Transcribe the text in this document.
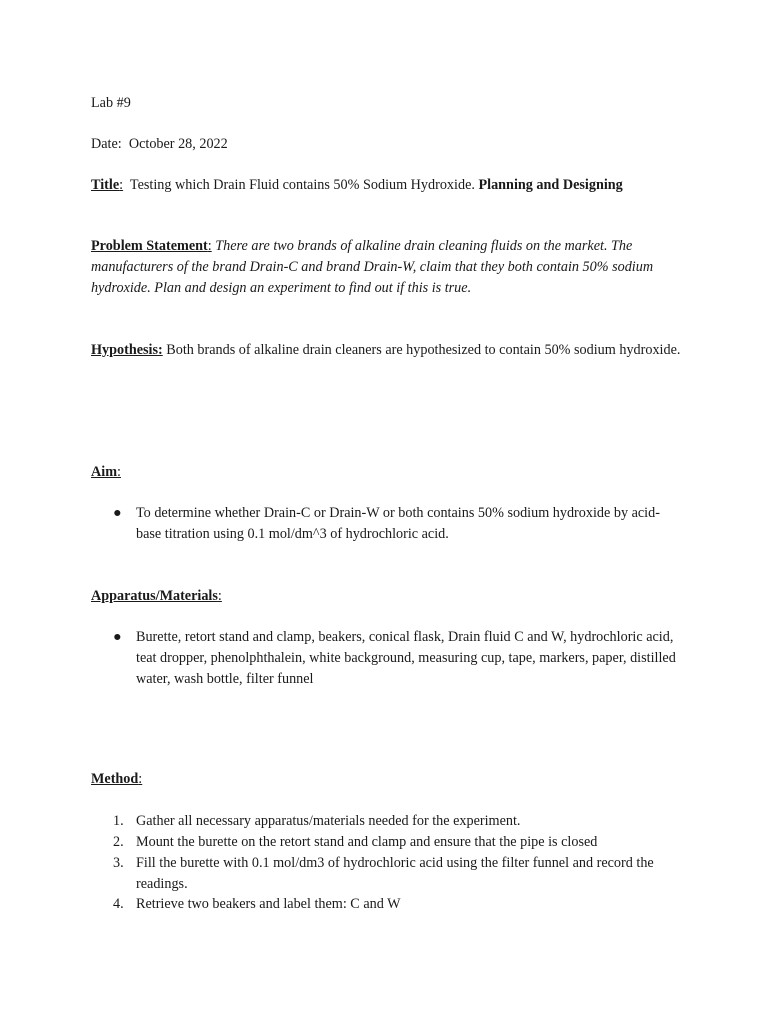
Lab #9
Date: October 28, 2022
Title: Testing which Drain Fluid contains 50% Sodium Hydroxide. Planning and Designing
Problem Statement: There are two brands of alkaline drain cleaning fluids on the market. The manufacturers of the brand Drain-C and brand Drain-W, claim that they both contain 50% sodium hydroxide. Plan and design an experiment to find out if this is true.
Hypothesis: Both brands of alkaline drain cleaners are hypothesized to contain 50% sodium hydroxide.
Aim:
● To determine whether Drain-C or Drain-W or both contains 50% sodium hydroxide by acid-base titration using 0.1 mol/dm^3 of hydrochloric acid.
Apparatus/Materials:
● Burette, retort stand and clamp, beakers, conical flask, Drain fluid C and W, hydrochloric acid, teat dropper, phenolphthalein, white background, measuring cup, tape, markers, paper, distilled water, wash bottle, filter funnel
Method:
1. Gather all necessary apparatus/materials needed for the experiment.
2. Mount the burette on the retort stand and clamp and ensure that the pipe is closed
3. Fill the burette with 0.1 mol/dm3 of hydrochloric acid using the filter funnel and record the readings.
4. Retrieve two beakers and label them: C and W
